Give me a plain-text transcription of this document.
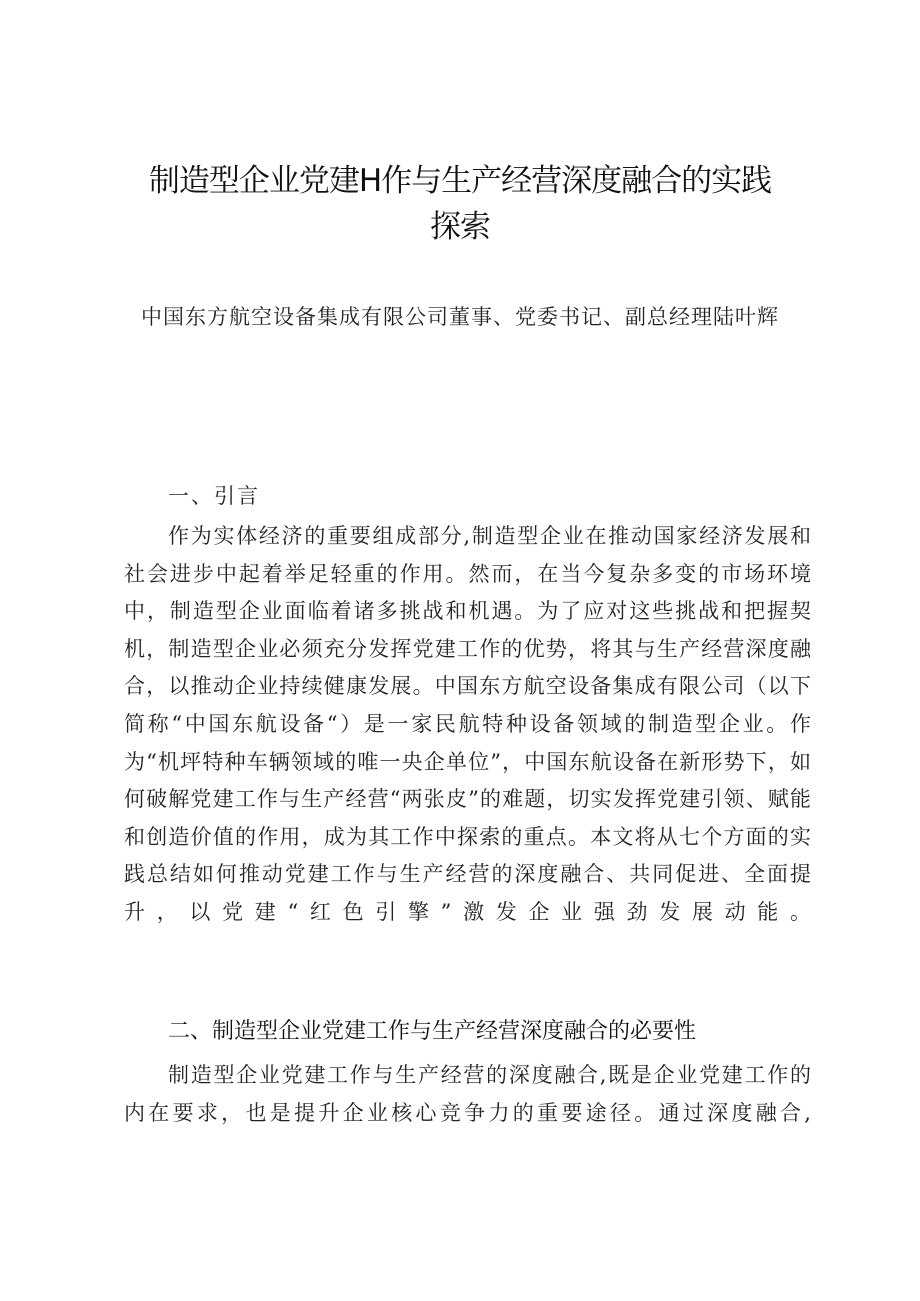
制造型企业党建H作与生产经营深度融合的实践探索
中国东方航空设备集成有限公司董事、党委书记、副总经理陆叶辉
一、引言

作为实体经济的重要组成部分,制造型企业在推动国家经济发展和社会进步中起着举足轻重的作用。然而，在当今复杂多变的市场环境中，制造型企业面临着诸多挑战和机遇。为了应对这些挑战和把握契机，制造型企业必须充分发挥党建工作的优势，将其与生产经营深度融合，以推动企业持续健康发展。中国东方航空设备集成有限公司（以下简称“中国东航设备“）是一家民航特种设备领域的制造型企业。作为“机坪特种车辆领域的唯一央企单位”，中国东航设备在新形势下，如何破解党建工作与生产经营“两张皮”的难题，切实发挥党建引领、赋能和创造价值的作用，成为其工作中探索的重点。本文将从七个方面的实践总结如何推动党建工作与生产经营的深度融合、共同促进、全面提升，以党建“红色引擎”激发企业强劲发展动能。

二、制造型企业党建工作与生产经营深度融合的必要性

制造型企业党建工作与生产经营的深度融合,既是企业党建工作的内在要求，也是提升企业核心竞争力的重要途径。通过深度融合,
